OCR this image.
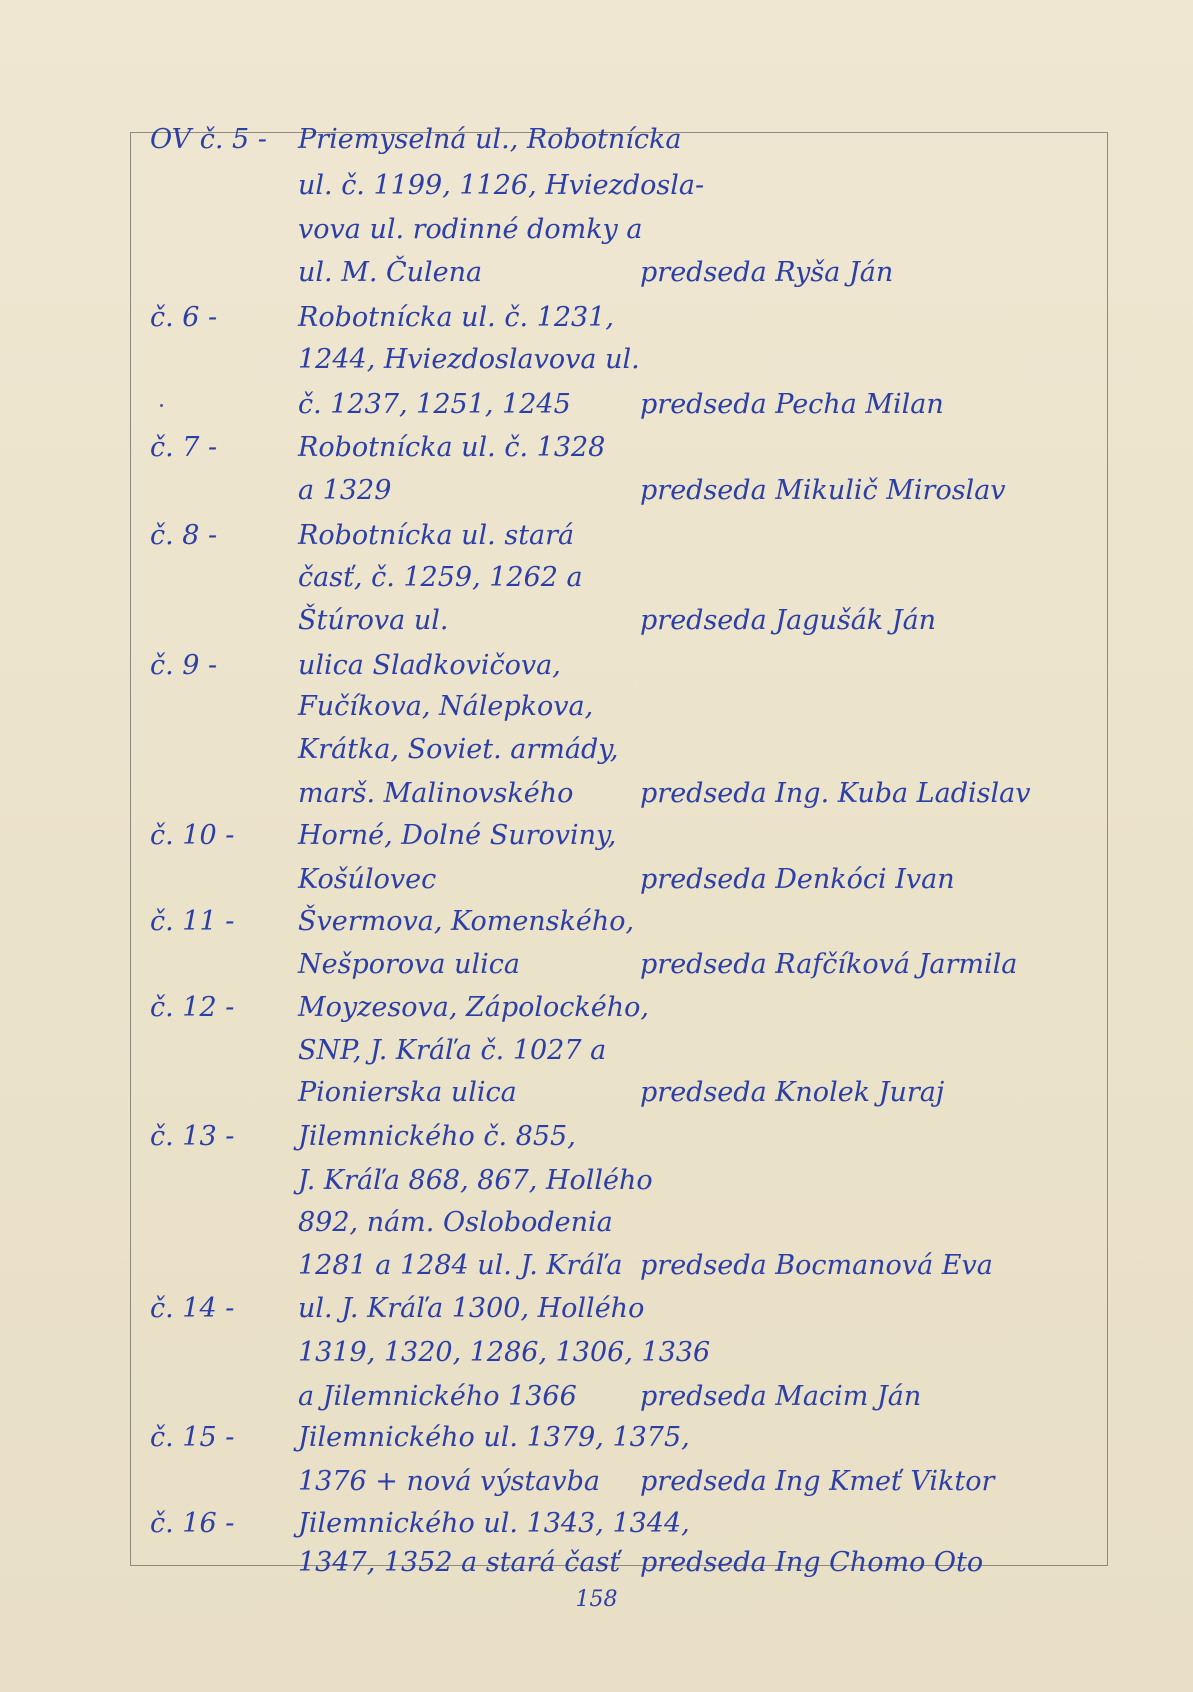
OV č. 5 -	Priemyselná ul., Robotnícka
ul. č. 1199, 1126, Hviezdosla-
vova ul. rodinné domky a
ul. M. Čulena	predseda Ryša Ján
č. 6 -	Robotnícka ul. č. 1231,
1244, Hviezdoslavova ul.
č. 1237, 1251, 1245	predseda Pecha Milan
č. 7 -	Robotnícka ul. č. 1328
a 1329	predseda Mikulič Miroslav
č. 8 -	Robotnícka ul. stará
časť, č. 1259, 1262 a
Štúrova ul.	predseda Jagušák Ján
č. 9 -	ulica Sladkovičova,
Fučíkova, Nálepkova,
Krátka, Soviet. armády,
marš. Malinovského predseda Ing. Kuba Ladislav
č. 10 -	Horné, Dolné Suroviny,
Košúlovec	predseda Denkóci Ivan
č. 11 -	Švermova, Komenského,
Nešporova ulica	predseda Rafčíková Jarmila
č. 12 -	Moyzesova, Zápolockého,
SNP, J. Kráľa č. 1027 a
Pionierska ulica	predseda Knolek Juraj
č. 13 -	Jilemnického č. 855,
J. Kráľa 868, 867, Hollého
892, nám. Oslobodenia
1281 a 1284 ul. J. Kráľa predseda Bocmanová Eva
č. 14 -	ul. J. Kráľa 1300, Hollého
1319, 1320, 1286, 1306, 1336
a Jilemnického 1366 predseda Macim Ján
č. 15 -	Jilemnického ul. 1379, 1375,
1376 + nová výstavba predseda Ing Kmeť Viktor
č. 16 -	Jilemnického ul. 1343, 1344,
1347, 1352 a stará časť predseda Ing Chomo Oto
158
